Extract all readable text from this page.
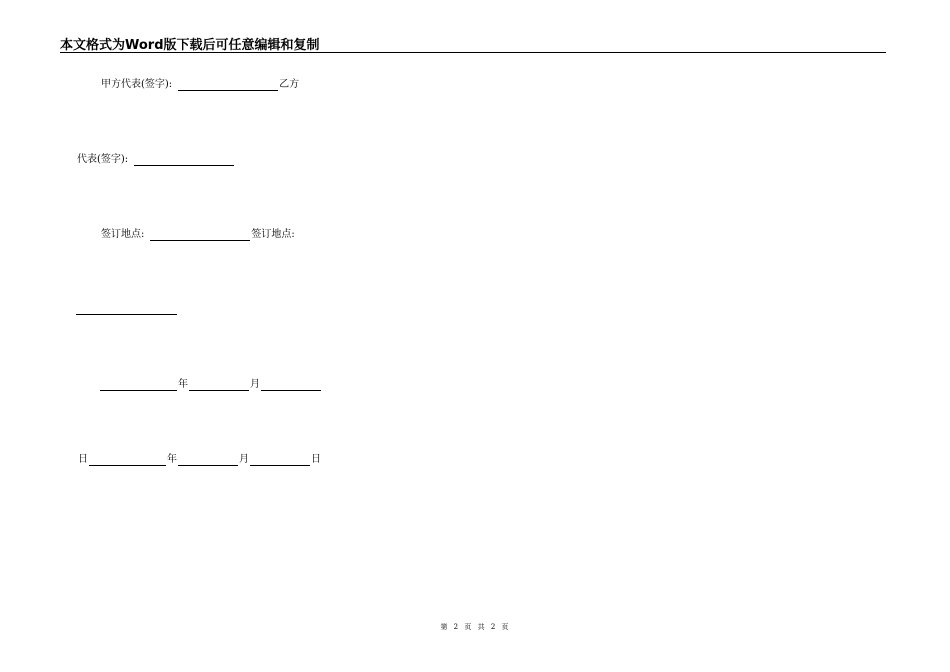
本文格式为Word版下载后可任意编辑和复制
甲方代表(签字):	乙方
代表(签字):
签订地点:	签订地点:
年	月
日	年	月	日
第 2 页 共 2 页
